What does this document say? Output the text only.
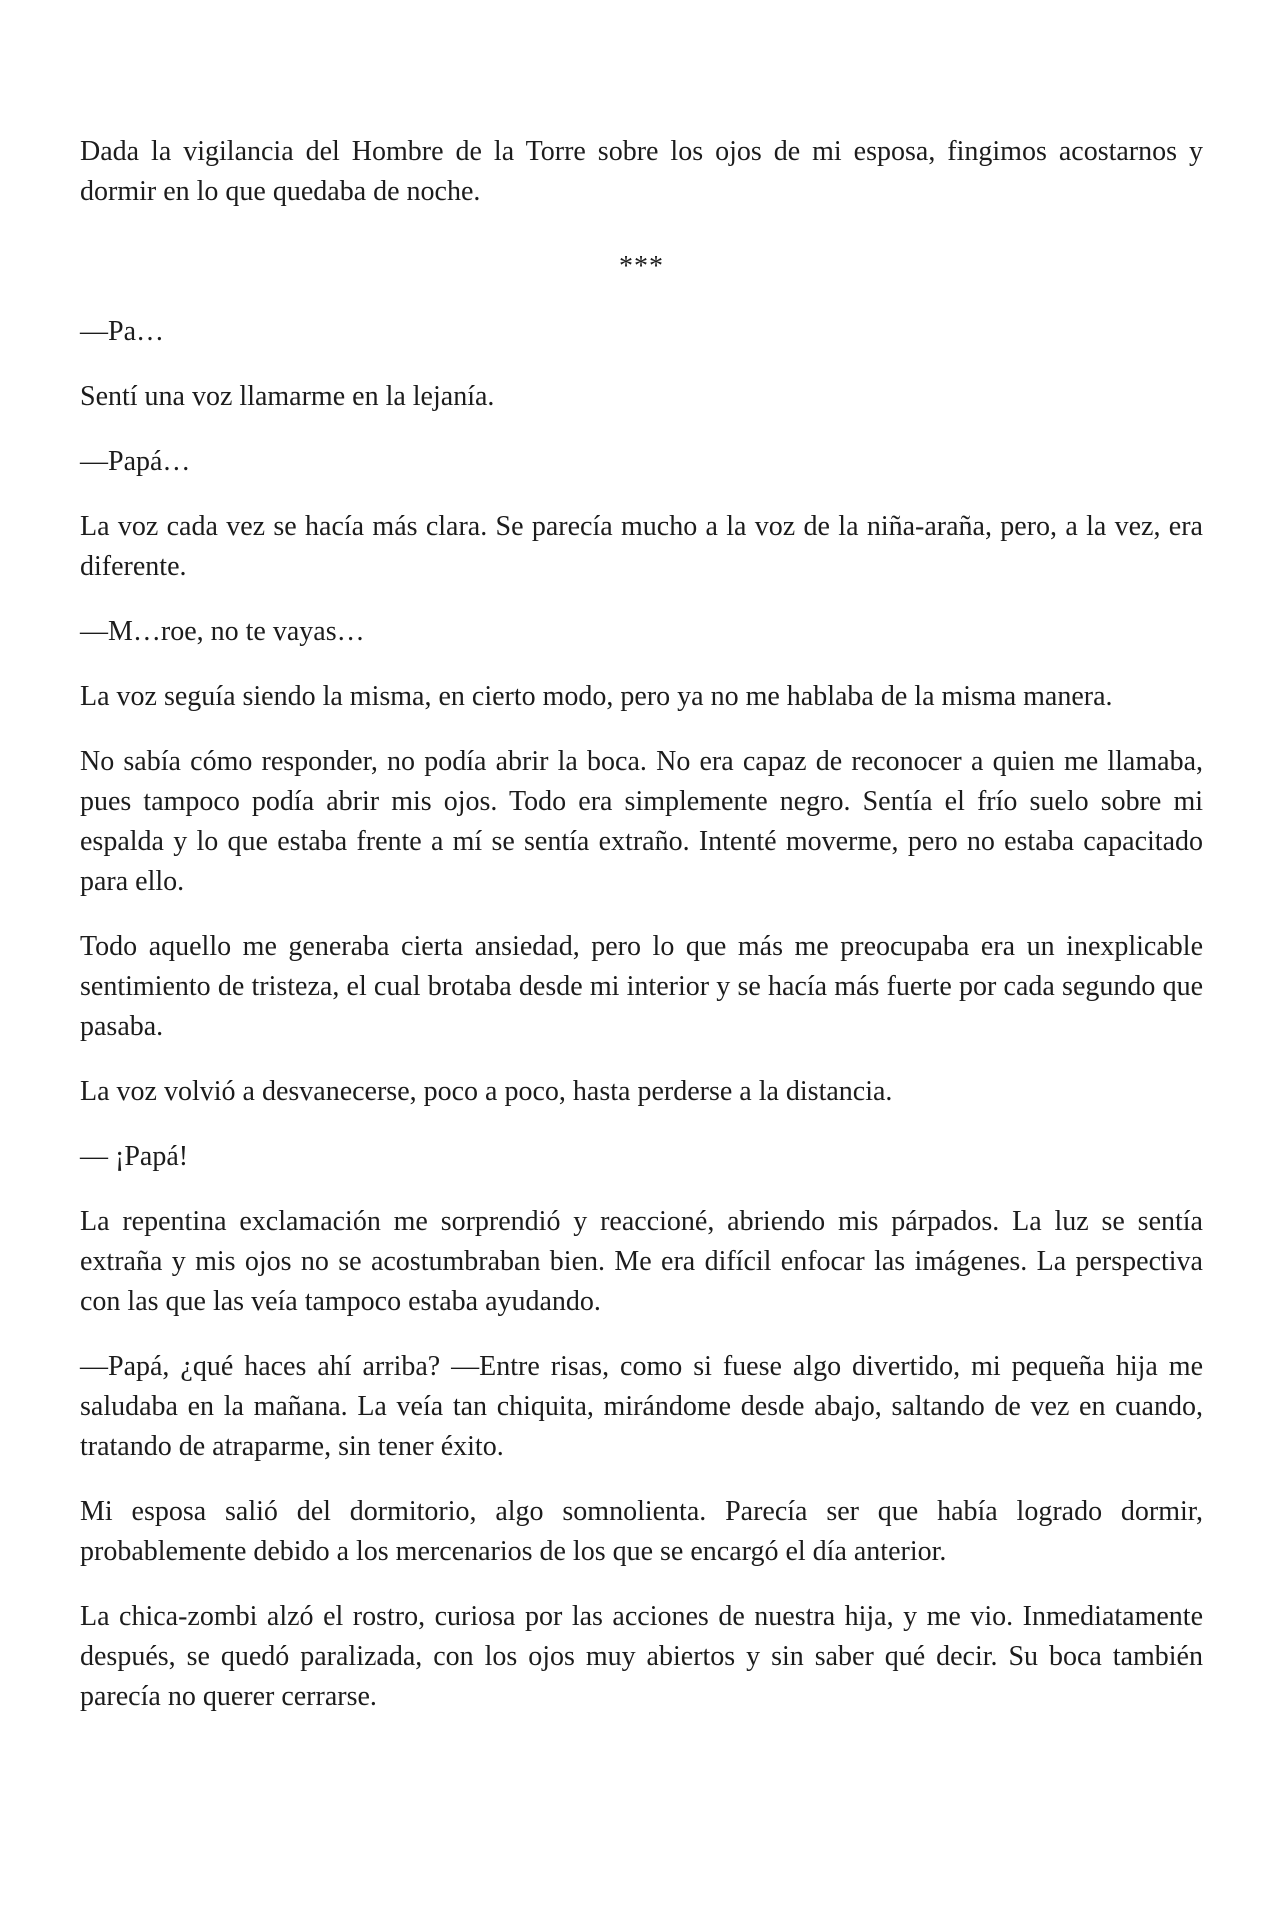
Dada la vigilancia del Hombre de la Torre sobre los ojos de mi esposa, fingimos acostarnos y dormir en lo que quedaba de noche.

***

—Pa…

Sentí una voz llamarme en la lejanía.

—Papá…

La voz cada vez se hacía más clara. Se parecía mucho a la voz de la niña-araña, pero, a la vez, era diferente.

—M…roe, no te vayas…

La voz seguía siendo la misma, en cierto modo, pero ya no me hablaba de la misma manera.

No sabía cómo responder, no podía abrir la boca. No era capaz de reconocer a quien me llamaba, pues tampoco podía abrir mis ojos. Todo era simplemente negro. Sentía el frío suelo sobre mi espalda y lo que estaba frente a mí se sentía extraño. Intenté moverme, pero no estaba capacitado para ello.

Todo aquello me generaba cierta ansiedad, pero lo que más me preocupaba era un inexplicable sentimiento de tristeza, el cual brotaba desde mi interior y se hacía más fuerte por cada segundo que pasaba.

La voz volvió a desvanecerse, poco a poco, hasta perderse a la distancia.

— ¡Papá!

La repentina exclamación me sorprendió y reaccioné, abriendo mis párpados. La luz se sentía extraña y mis ojos no se acostumbraban bien. Me era difícil enfocar las imágenes. La perspectiva con las que las veía tampoco estaba ayudando.

—Papá, ¿qué haces ahí arriba? —Entre risas, como si fuese algo divertido, mi pequeña hija me saludaba en la mañana. La veía tan chiquita, mirándome desde abajo, saltando de vez en cuando, tratando de atraparme, sin tener éxito.

Mi esposa salió del dormitorio, algo somnolienta. Parecía ser que había logrado dormir, probablemente debido a los mercenarios de los que se encargó el día anterior.

La chica-zombi alzó el rostro, curiosa por las acciones de nuestra hija, y me vio. Inmediatamente después, se quedó paralizada, con los ojos muy abiertos y sin saber qué decir. Su boca también parecía no querer cerrarse.
